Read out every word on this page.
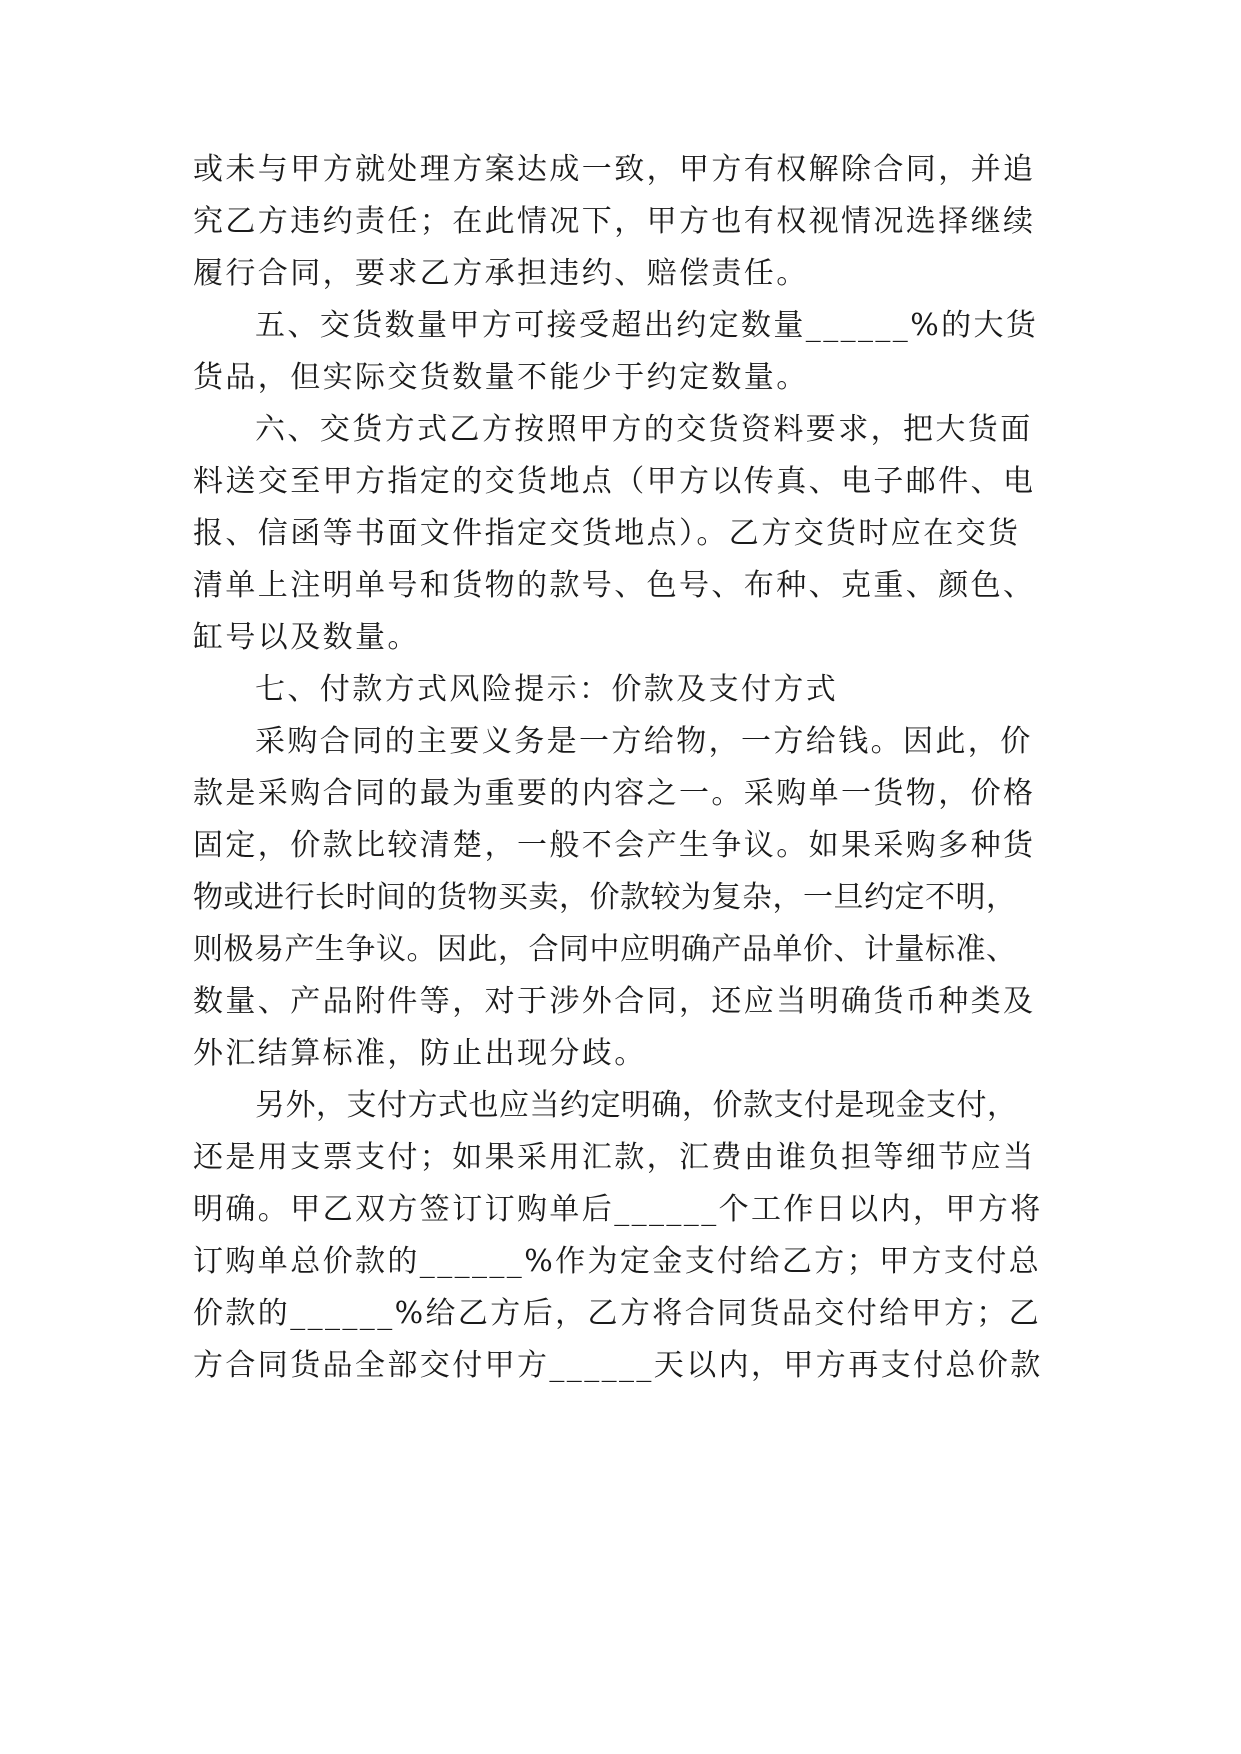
或未与甲方就处理方案达成一致，甲方有权解除合同，并追
究乙方违约责任；在此情况下，甲方也有权视情况选择继续
履行合同，要求乙方承担违约、赔偿责任。
五、交货数量甲方可接受超出约定数量______%的大货
货品，但实际交货数量不能少于约定数量。
六、交货方式乙方按照甲方的交货资料要求，把大货面
料送交至甲方指定的交货地点（甲方以传真、电子邮件、电
报、信函等书面文件指定交货地点）。乙方交货时应在交货
清单上注明单号和货物的款号、色号、布种、克重、颜色、
缸号以及数量。
七、付款方式风险提示：价款及支付方式
采购合同的主要义务是一方给物，一方给钱。因此，价
款是采购合同的最为重要的内容之一。采购单一货物，价格
固定，价款比较清楚，一般不会产生争议。如果采购多种货
物或进行长时间的货物买卖，价款较为复杂，一旦约定不明，
则极易产生争议。因此，合同中应明确产品单价、计量标准、
数量、产品附件等，对于涉外合同，还应当明确货币种类及
外汇结算标准，防止出现分歧。
另外，支付方式也应当约定明确，价款支付是现金支付，
还是用支票支付；如果采用汇款，汇费由谁负担等细节应当
明确。甲乙双方签订订购单后______个工作日以内，甲方将
订购单总价款的______%作为定金支付给乙方；甲方支付总
价款的______%给乙方后，乙方将合同货品交付给甲方；乙
方合同货品全部交付甲方______天以内，甲方再支付总价款
